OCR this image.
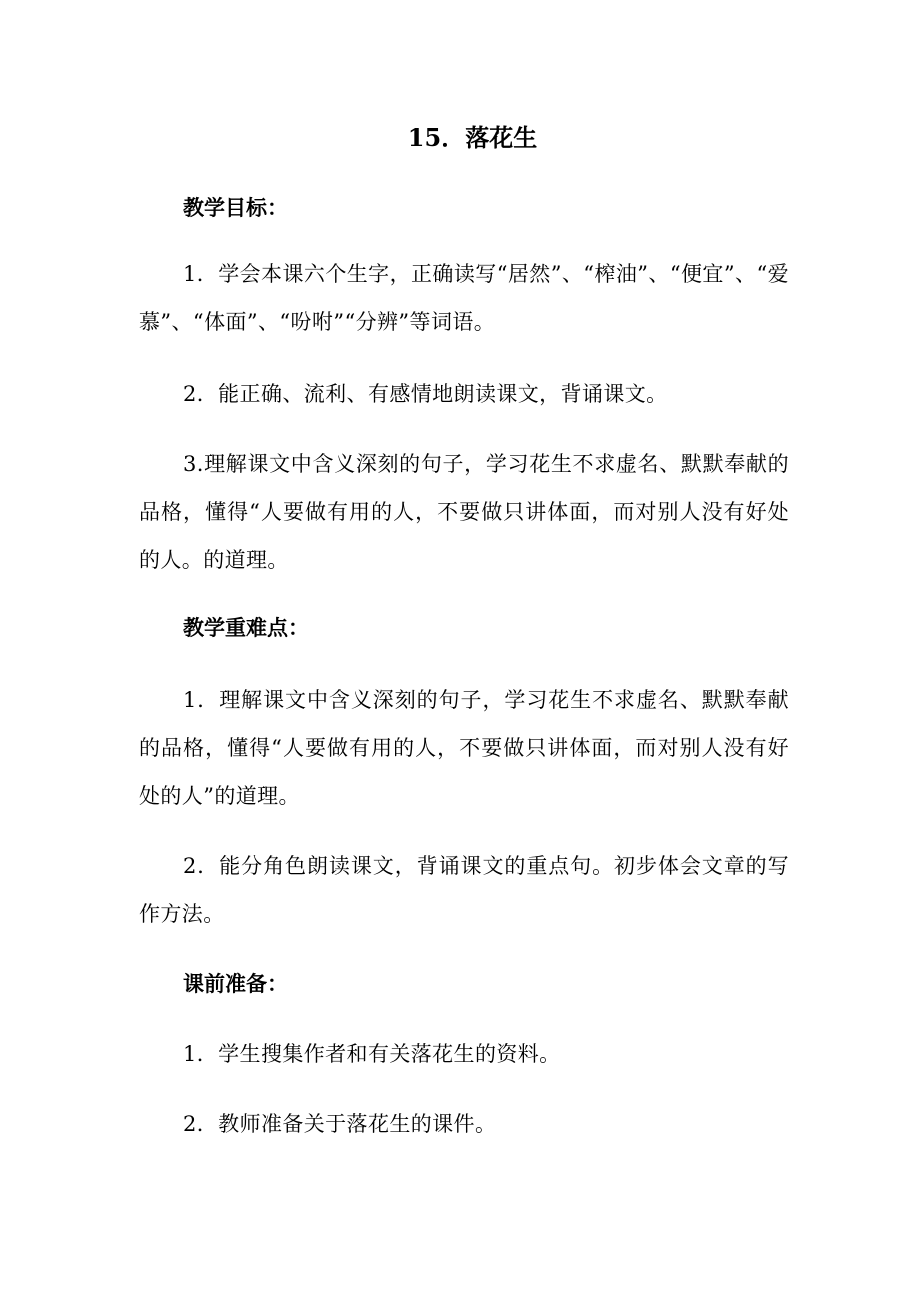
15．落花生
教学目标：
1．学会本课六个生字，正确读写“居然”、“榨油”、“便宜”、“爱慕”、“体面”、“吩咐”“分辨”等词语。
2．能正确、流利、有感情地朗读课文，背诵课文。
3.理解课文中含义深刻的句子，学习花生不求虚名、默默奉献的品格，懂得“人要做有用的人，不要做只讲体面，而对别人没有好处的人。的道理。
教学重难点：
1．理解课文中含义深刻的句子，学习花生不求虚名、默默奉献的品格，懂得“人要做有用的人，不要做只讲体面，而对别人没有好处的人”的道理。
2．能分角色朗读课文，背诵课文的重点句。初步体会文章的写作方法。
课前准备：
1．学生搜集作者和有关落花生的资料。
2．教师准备关于落花生的课件。
